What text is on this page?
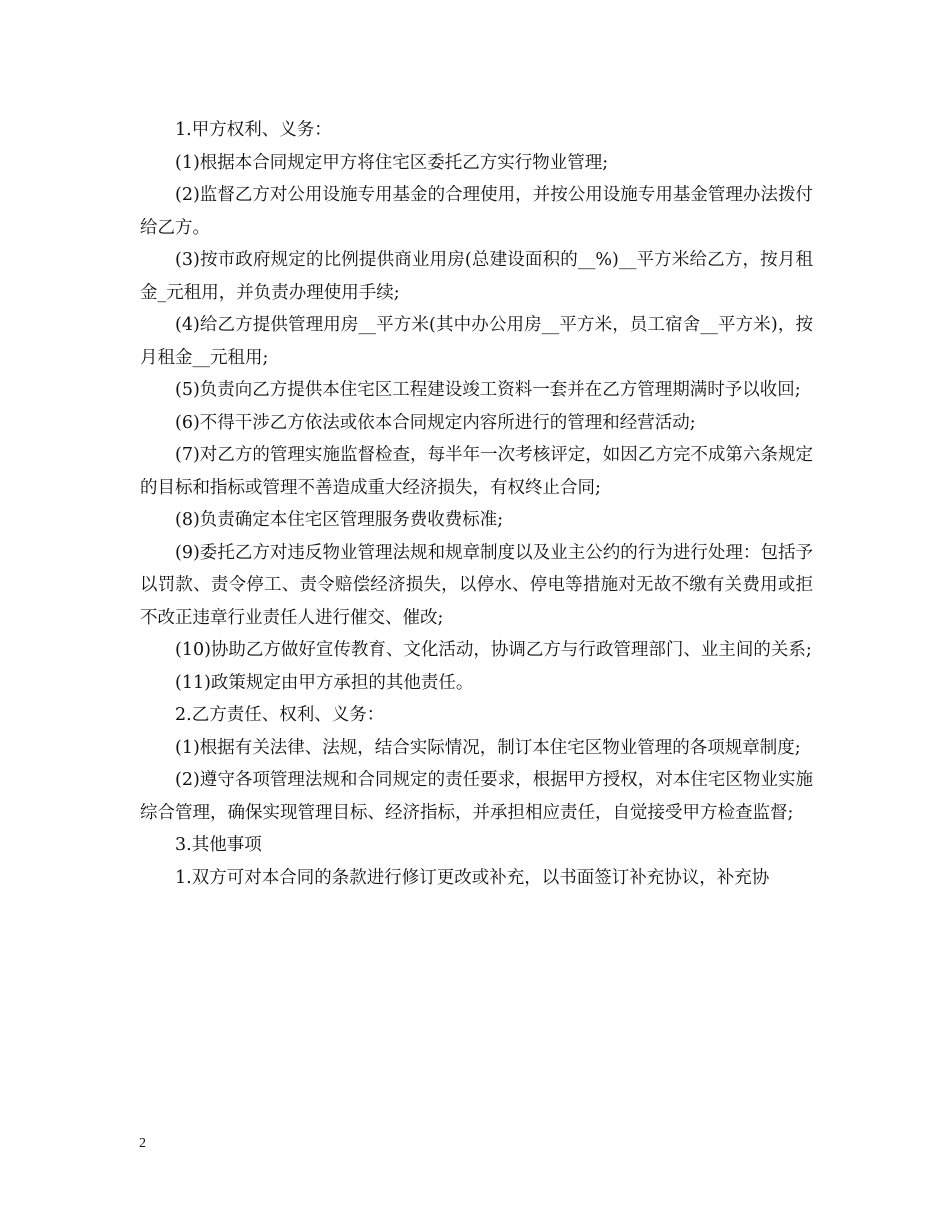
1.甲方权利、义务：

(1)根据本合同规定甲方将住宅区委托乙方实行物业管理;

(2)监督乙方对公用设施专用基金的合理使用，并按公用设施专用基金管理办法拨付给乙方。

(3)按市政府规定的比例提供商业用房(总建设面积的__%)__平方米给乙方，按月租金_元租用，并负责办理使用手续;

(4)给乙方提供管理用房__平方米(其中办公用房__平方米，员工宿舍__平方米)，按月租金__元租用;

(5)负责向乙方提供本住宅区工程建设竣工资料一套并在乙方管理期满时予以收回;

(6)不得干涉乙方依法或依本合同规定内容所进行的管理和经营活动;

(7)对乙方的管理实施监督检查，每半年一次考核评定，如因乙方完不成第六条规定的目标和指标或管理不善造成重大经济损失，有权终止合同;

(8)负责确定本住宅区管理服务费收费标准;

(9)委托乙方对违反物业管理法规和规章制度以及业主公约的行为进行处理：包括予以罚款、责令停工、责令赔偿经济损失，以停水、停电等措施对无故不缴有关费用或拒不改正违章行业责任人进行催交、催改;

(10)协助乙方做好宣传教育、文化活动，协调乙方与行政管理部门、业主间的关系;

(11)政策规定由甲方承担的其他责任。

2.乙方责任、权利、义务：

(1)根据有关法律、法规，结合实际情况，制订本住宅区物业管理的各项规章制度;

(2)遵守各项管理法规和合同规定的责任要求，根据甲方授权，对本住宅区物业实施综合管理，确保实现管理目标、经济指标，并承担相应责任，自觉接受甲方检查监督;

3.其他事项

1.双方可对本合同的条款进行修订更改或补充，以书面签订补充协议，补充协

2
